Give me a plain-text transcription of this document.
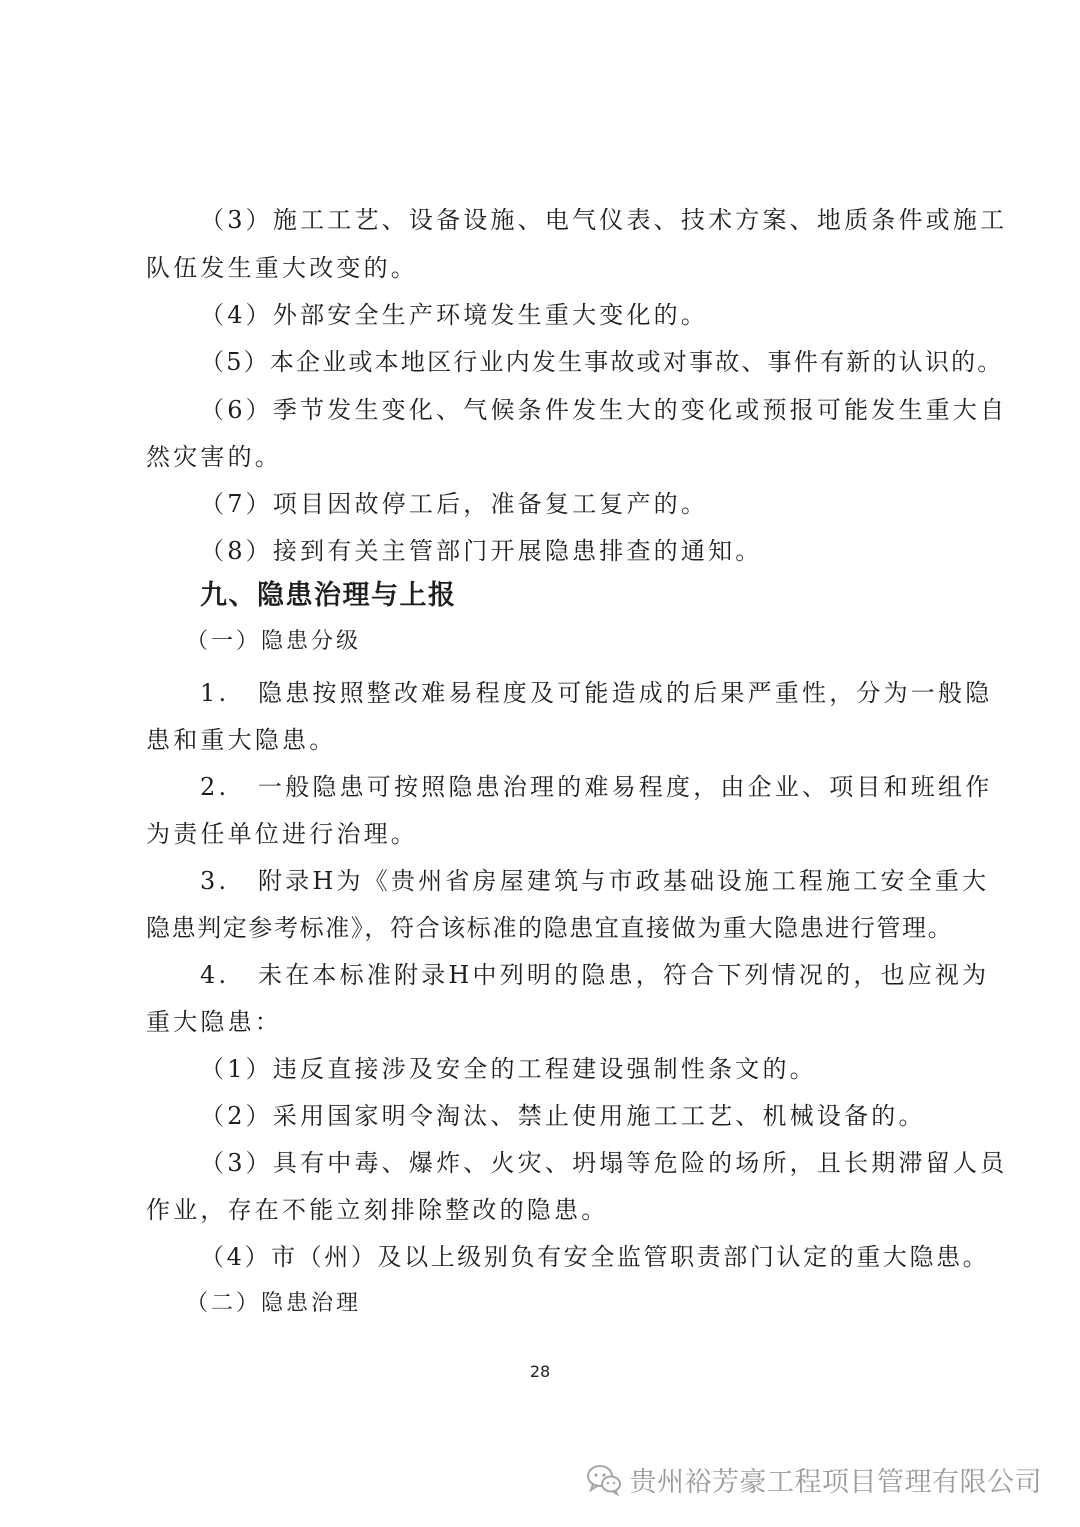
（3）施工工艺、设备设施、电气仪表、技术方案、地质条件或施工
队伍发生重大改变的。
（4）外部安全生产环境发生重大变化的。
（5）本企业或本地区行业内发生事故或对事故、事件有新的认识的。
（6）季节发生变化、气候条件发生大的变化或预报可能发生重大自
然灾害的。
（7）项目因故停工后，准备复工复产的。
（8）接到有关主管部门开展隐患排查的通知。
九、隐患治理与上报
（一）隐患分级
1. 隐患按照整改难易程度及可能造成的后果严重性，分为一般隐
患和重大隐患。
2. 一般隐患可按照隐患治理的难易程度，由企业、项目和班组作
为责任单位进行治理。
3. 附录H为《贵州省房屋建筑与市政基础设施工程施工安全重大
隐患判定参考标准》，符合该标准的隐患宜直接做为重大隐患进行管理。
4. 未在本标准附录H中列明的隐患，符合下列情况的，也应视为
重大隐患：
（1）违反直接涉及安全的工程建设强制性条文的。
（2）采用国家明令淘汰、禁止使用施工工艺、机械设备的。
（3）具有中毒、爆炸、火灾、坍塌等危险的场所，且长期滞留人员
作业，存在不能立刻排除整改的隐患。
（4）市（州）及以上级别负有安全监管职责部门认定的重大隐患。
（二）隐患治理
28
贵州裕芳豪工程项目管理有限公司
